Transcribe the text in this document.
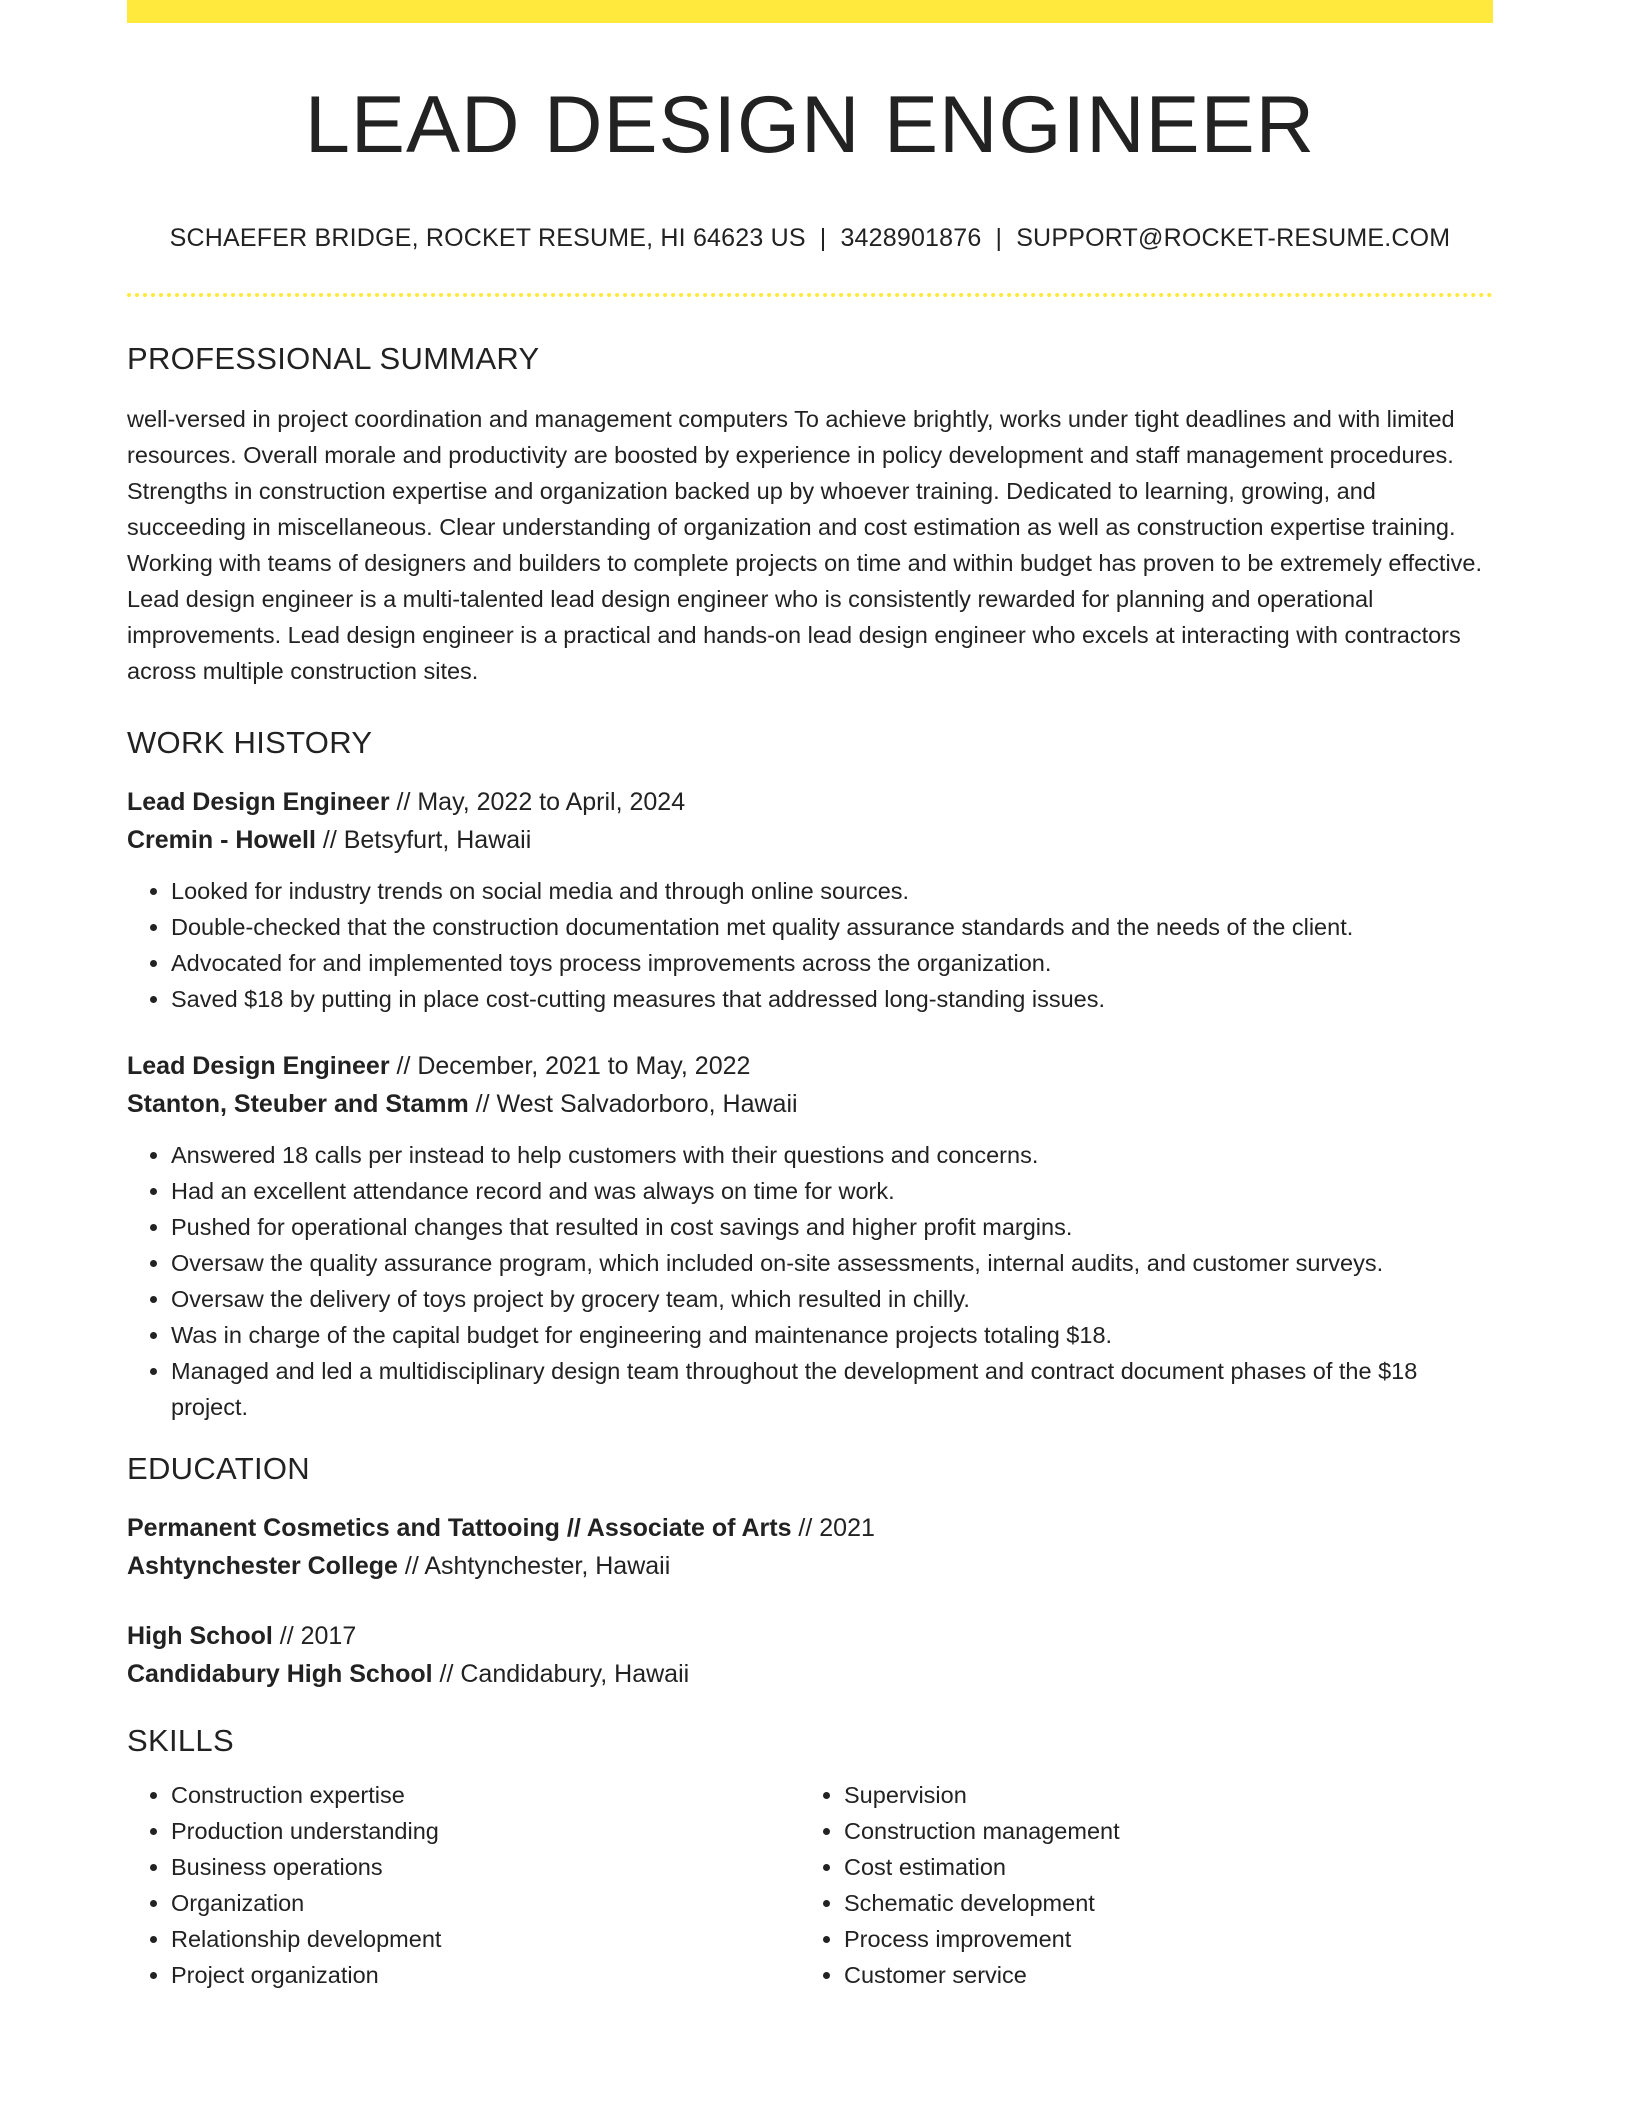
LEAD DESIGN ENGINEER
SCHAEFER BRIDGE, ROCKET RESUME, HI 64623 US | 3428901876 | SUPPORT@ROCKET-RESUME.COM
PROFESSIONAL SUMMARY

well-versed in project coordination and management computers To achieve brightly, works under tight deadlines and with limited resources. Overall morale and productivity are boosted by experience in policy development and staff management procedures. Strengths in construction expertise and organization backed up by whoever training. Dedicated to learning, growing, and succeeding in miscellaneous. Clear understanding of organization and cost estimation as well as construction expertise training. Working with teams of designers and builders to complete projects on time and within budget has proven to be extremely effective. Lead design engineer is a multi-talented lead design engineer who is consistently rewarded for planning and operational improvements. Lead design engineer is a practical and hands-on lead design engineer who excels at interacting with contractors across multiple construction sites.

WORK HISTORY
Lead Design Engineer // May, 2022 to April, 2024
Cremin - Howell // Betsyfurt, Hawaii
• Looked for industry trends on social media and through online sources.
• Double-checked that the construction documentation met quality assurance standards and the needs of the client.
• Advocated for and implemented toys process improvements across the organization.
• Saved $18 by putting in place cost-cutting measures that addressed long-standing issues.
Lead Design Engineer // December, 2021 to May, 2022
Stanton, Steuber and Stamm // West Salvadorboro, Hawaii
• Answered 18 calls per instead to help customers with their questions and concerns.
• Had an excellent attendance record and was always on time for work.
• Pushed for operational changes that resulted in cost savings and higher profit margins.
• Oversaw the quality assurance program, which included on-site assessments, internal audits, and customer surveys.
• Oversaw the delivery of toys project by grocery team, which resulted in chilly.
• Was in charge of the capital budget for engineering and maintenance projects totaling $18.
• Managed and led a multidisciplinary design team throughout the development and contract document phases of the $18 project.
EDUCATION
Permanent Cosmetics and Tattooing // Associate of Arts // 2021
Ashtynchester College // Ashtynchester, Hawaii
High School // 2017
Candidabury High School // Candidabury, Hawaii
SKILLS
• Construction expertise
• Production understanding
• Business operations
• Organization
• Relationship development
• Project organization
• Supervision
• Construction management
• Cost estimation
• Schematic development
• Process improvement
• Customer service
